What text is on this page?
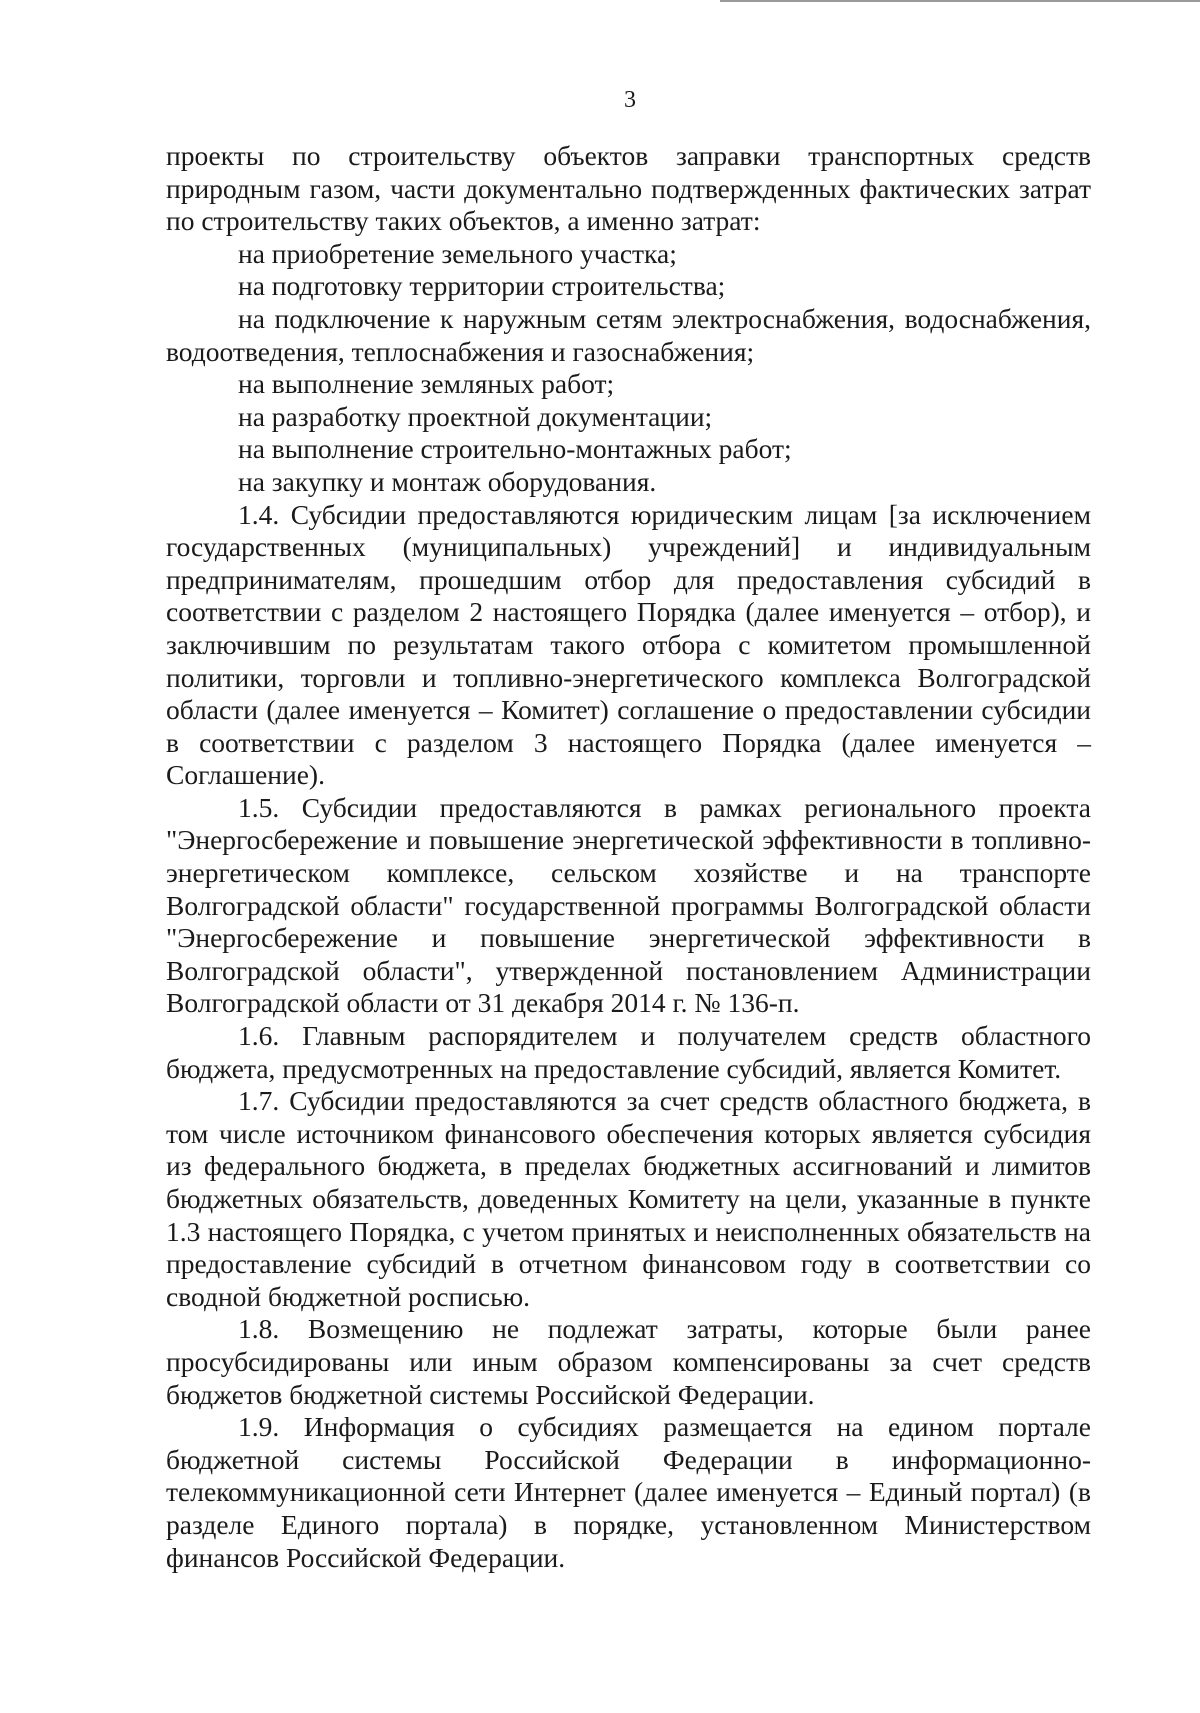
3

проекты по строительству объектов заправки транспортных средств природным газом, части документально подтвержденных фактических затрат по строительству таких объектов, а именно затрат:

на приобретение земельного участка;

на подготовку территории строительства;

на подключение к наружным сетям электроснабжения, водоснабжения, водоотведения, теплоснабжения и газоснабжения;

на выполнение земляных работ;

на разработку проектной документации;

на выполнение строительно-монтажных работ;

на закупку и монтаж оборудования.

1.4. Субсидии предоставляются юридическим лицам [за исключением государственных (муниципальных) учреждений] и индивидуальным предпринимателям, прошедшим отбор для предоставления субсидий в соответствии с разделом 2 настоящего Порядка (далее именуется – отбор), и заключившим по результатам такого отбора с комитетом промышленной политики, торговли и топливно-энергетического комплекса Волгоградской области (далее именуется – Комитет) соглашение о предоставлении субсидии в соответствии с разделом 3 настоящего Порядка (далее именуется – Соглашение).

1.5. Субсидии предоставляются в рамках регионального проекта "Энергосбережение и повышение энергетической эффективности в топливно-энергетическом комплексе, сельском хозяйстве и на транспорте Волгоградской области" государственной программы Волгоградской области "Энергосбережение и повышение энергетической эффективности в Волгоградской области", утвержденной постановлением Администрации Волгоградской области от 31 декабря 2014 г. № 136-п.

1.6. Главным распорядителем и получателем средств областного бюджета, предусмотренных на предоставление субсидий, является Комитет.

1.7. Субсидии предоставляются за счет средств областного бюджета, в том числе источником финансового обеспечения которых является субсидия из федерального бюджета, в пределах бюджетных ассигнований и лимитов бюджетных обязательств, доведенных Комитету на цели, указанные в пункте 1.3 настоящего Порядка, с учетом принятых и неисполненных обязательств на предоставление субсидий в отчетном финансовом году в соответствии со сводной бюджетной росписью.

1.8. Возмещению не подлежат затраты, которые были ранее просубсидированы или иным образом компенсированы за счет средств бюджетов бюджетной системы Российской Федерации.

1.9. Информация о субсидиях размещается на едином портале бюджетной системы Российской Федерации в информационно-телекоммуникационной сети Интернет (далее именуется – Единый портал) (в разделе Единого портала) в порядке, установленном Министерством финансов Российской Федерации.
